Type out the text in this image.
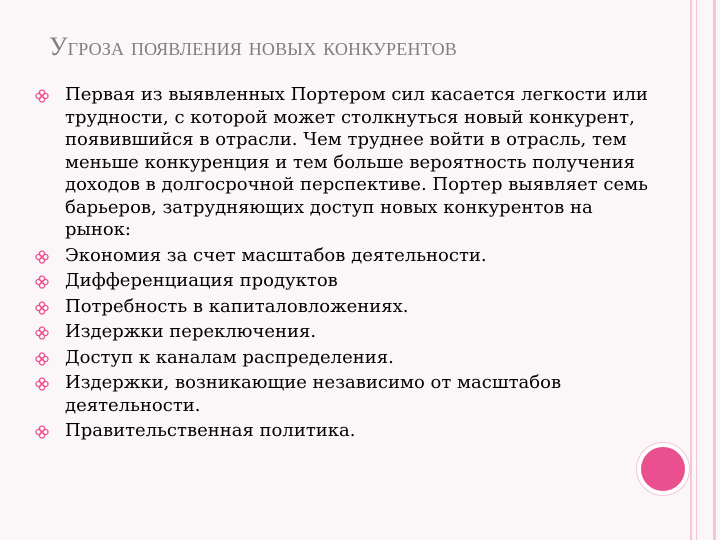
Угроза появления новых конкурентов
Первая из выявленных Портером сил касается легкости или трудности, с которой может столкнуться новый конкурент, появившийся в отрасли. Чем труднее войти в отрасль, тем меньше конкуренция и тем больше вероятность получения доходов в долгосрочной перспективе. Портер выявляет семь барьеров, затрудняющих доступ новых конкурентов на рынок:
Экономия за счет масштабов деятельности.
Дифференциация продуктов
Потребность в капиталовложениях.
Издержки переключения.
Доступ к каналам распределения.
Издержки, возникающие независимо от масштабов деятельности.
Правительственная политика.
